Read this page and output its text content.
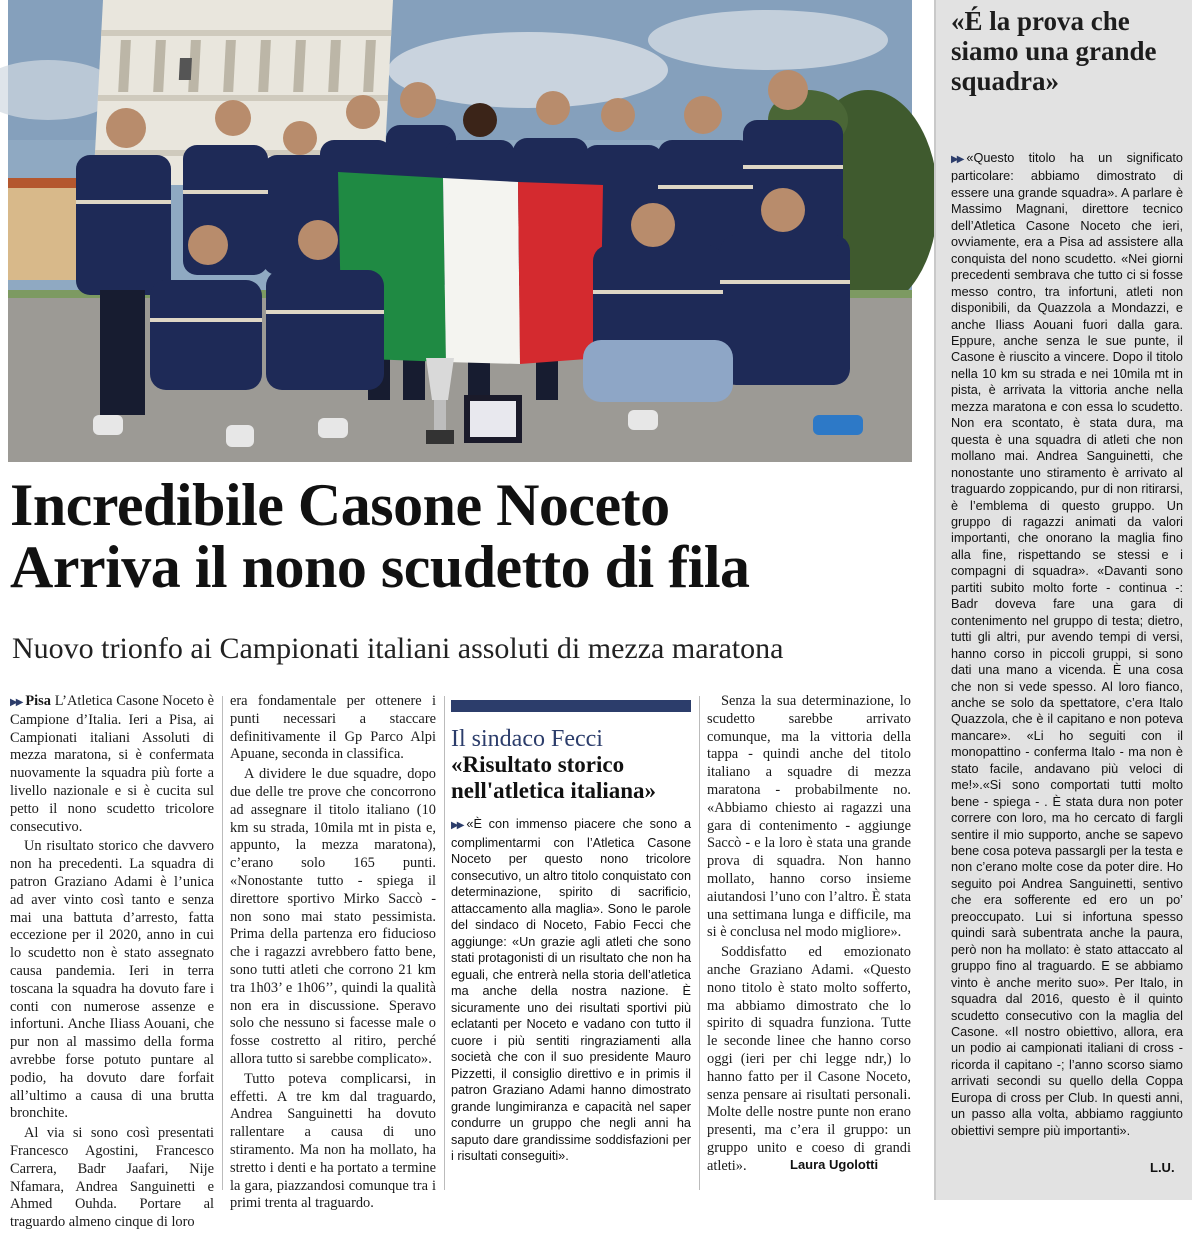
Incredibile Casone Noceto
Arriva il nono scudetto di fila
Nuovo trionfo ai Campionati italiani assoluti di mezza maratona

▶▶ Pisa L’Atletica Casone Noceto è Campione d’Italia. Ieri a Pisa, ai Campionati italiani Assoluti di mezza maratona, si è confermata nuovamente la squadra più forte a livello nazionale e si è cucita sul petto il nono scudetto tricolore consecutivo.

Un risultato storico che davvero non ha precedenti. La squadra di patron Graziano Adami è l’unica ad aver vinto così tanto e senza mai una battuta d’arresto, fatta eccezione per il 2020, anno in cui lo scudetto non è stato assegnato causa pandemia. Ieri in terra toscana la squadra ha dovuto fare i conti con numerose assenze e infortuni. Anche Iliass Aouani, che pur non al massimo della forma avrebbe forse potuto puntare al podio, ha dovuto dare forfait all’ultimo a causa di una brutta bronchite.

Al via si sono così presentati Francesco Agostini, Francesco Carrera, Badr Jaafari, Nije Nfamara, Andrea Sanguinetti e Ahmed Ouhda. Portare al traguardo almeno cinque di loro

era fondamentale per ottenere i punti necessari a staccare definitivamente il Gp Parco Alpi Apuane, seconda in classifica.

A dividere le due squadre, dopo due delle tre prove che concorrono ad assegnare il titolo italiano (10 km su strada, 10mila mt in pista e, appunto, la mezza maratona), c’erano solo 165 punti. «Nonostante tutto - spiega il direttore sportivo Mirko Saccò - non sono mai stato pessimista. Prima della partenza ero fiducioso che i ragazzi avrebbero fatto bene, sono tutti atleti che corrono 21 km tra 1h03’ e 1h06’’, quindi la qualità non era in discussione. Speravo solo che nessuno si facesse male o fosse costretto al ritiro, perché allora tutto si sarebbe complicato».

Tutto poteva complicarsi, in effetti. A tre km dal traguardo, Andrea Sanguinetti ha dovuto rallentare a causa di uno stiramento. Ma non ha mollato, ha stretto i denti e ha portato a termine la gara, piazzandosi comunque tra i primi trenta al traguardo.

Il sindaco Fecci
«Risultato storico nell'atletica italiana»
▶▶ «È con immenso piacere che sono a complimentarmi con l’Atletica Casone Noceto per questo nono tricolore consecutivo, un altro titolo conquistato con determinazione, spirito di sacrificio, attaccamento alla maglia». Sono le parole del sindaco di Noceto, Fabio Fecci che aggiunge: «Un grazie agli atleti che sono stati protagonisti di un risultato che non ha eguali, che entrerà nella storia dell’atletica ma anche della nostra nazione. È sicuramente uno dei risultati sportivi più eclatanti per Noceto e vadano con tutto il cuore i più sentiti ringraziamenti alla società che con il suo presidente Mauro Pizzetti, il consiglio direttivo e in primis il patron Graziano Adami hanno dimostrato grande lungimiranza e capacità nel saper condurre un gruppo che negli anni ha saputo dare grandissime soddisfazioni per i risultati conseguiti».

Senza la sua determinazione, lo scudetto sarebbe arrivato comunque, ma la vittoria della tappa - quindi anche del titolo italiano a squadre di mezza maratona - probabilmente no. «Abbiamo chiesto ai ragazzi una gara di contenimento - aggiunge Saccò - e la loro è stata una grande prova di squadra. Non hanno mollato, hanno corso insieme aiutandosi l’uno con l’altro. È stata una settimana lunga e difficile, ma si è conclusa nel modo migliore».

Soddisfatto ed emozionato anche Graziano Adami. «Questo nono titolo è stato molto sofferto, ma abbiamo dimostrato che lo spirito di squadra funziona. Tutte le seconde linee che hanno corso oggi (ieri per chi legge ndr,) lo hanno fatto per il Casone Noceto, senza pensare ai risultati personali. Molte delle nostre punte non erano presenti, ma c’era il gruppo: un gruppo unito e coeso di grandi atleti».	Laura Ugolotti
«É la prova che siamo una grande squadra»
▶▶ «Questo titolo ha un significato particolare: abbiamo dimostrato di essere una grande squadra». A parlare è Massimo Magnani, direttore tecnico dell’Atletica Casone Noceto che ieri, ovviamente, era a Pisa ad assistere alla conquista del nono scudetto. «Nei giorni precedenti sembrava che tutto ci si fosse messo contro, tra infortuni, atleti non disponibili, da Quazzola a Mondazzi, e anche Iliass Aouani fuori dalla gara. Eppure, anche senza le sue punte, il Casone è riuscito a vincere. Dopo il titolo nella 10 km su strada e nei 10mila mt in pista, è arrivata la vittoria anche nella mezza maratona e con essa lo scudetto. Non era scontato, è stata dura, ma questa è una squadra di atleti che non mollano mai. Andrea Sanguinetti, che nonostante uno stiramento è arrivato al traguardo zoppicando, pur di non ritirarsi, è l’emblema di questo gruppo. Un gruppo di ragazzi animati da valori importanti, che onorano la maglia fino alla fine, rispettando se stessi e i compagni di squadra». «Davanti sono partiti subito molto forte - continua -: Badr doveva fare una gara di contenimento nel gruppo di testa; dietro, tutti gli altri, pur avendo tempi di versi, hanno corso in piccoli gruppi, si sono dati una mano a vicenda. È una cosa che non si vede spesso. Al loro fianco, anche se solo da spettatore, c’era Italo Quazzola, che è il capitano e non poteva mancare». «Li ho seguiti con il monopattino - conferma Italo - ma non è stato facile, andavano più veloci di me!».«Si sono comportati tutti molto bene - spiega - . È stata dura non poter correre con loro, ma ho cercato di fargli sentire il mio supporto, anche se sapevo bene cosa poteva passargli per la testa e non c’erano molte cose da poter dire. Ho seguito poi Andrea Sanguinetti, sentivo che era sofferente ed ero un po’ preoccupato. Lui si infortuna spesso quindi sarà subentrata anche la paura, però non ha mollato: è stato attaccato al gruppo fino al traguardo. E se abbiamo vinto è anche merito suo». Per Italo, in squadra dal 2016, questo è il quinto scudetto consecutivo con la maglia del Casone. «Il nostro obiettivo, allora, era un podio ai campionati italiani di cross - ricorda il capitano -; l’anno scorso siamo arrivati secondi su quello della Coppa Europa di cross per Club. In questi anni, un passo alla volta, abbiamo raggiunto obiettivi sempre più importanti».
L.U.
